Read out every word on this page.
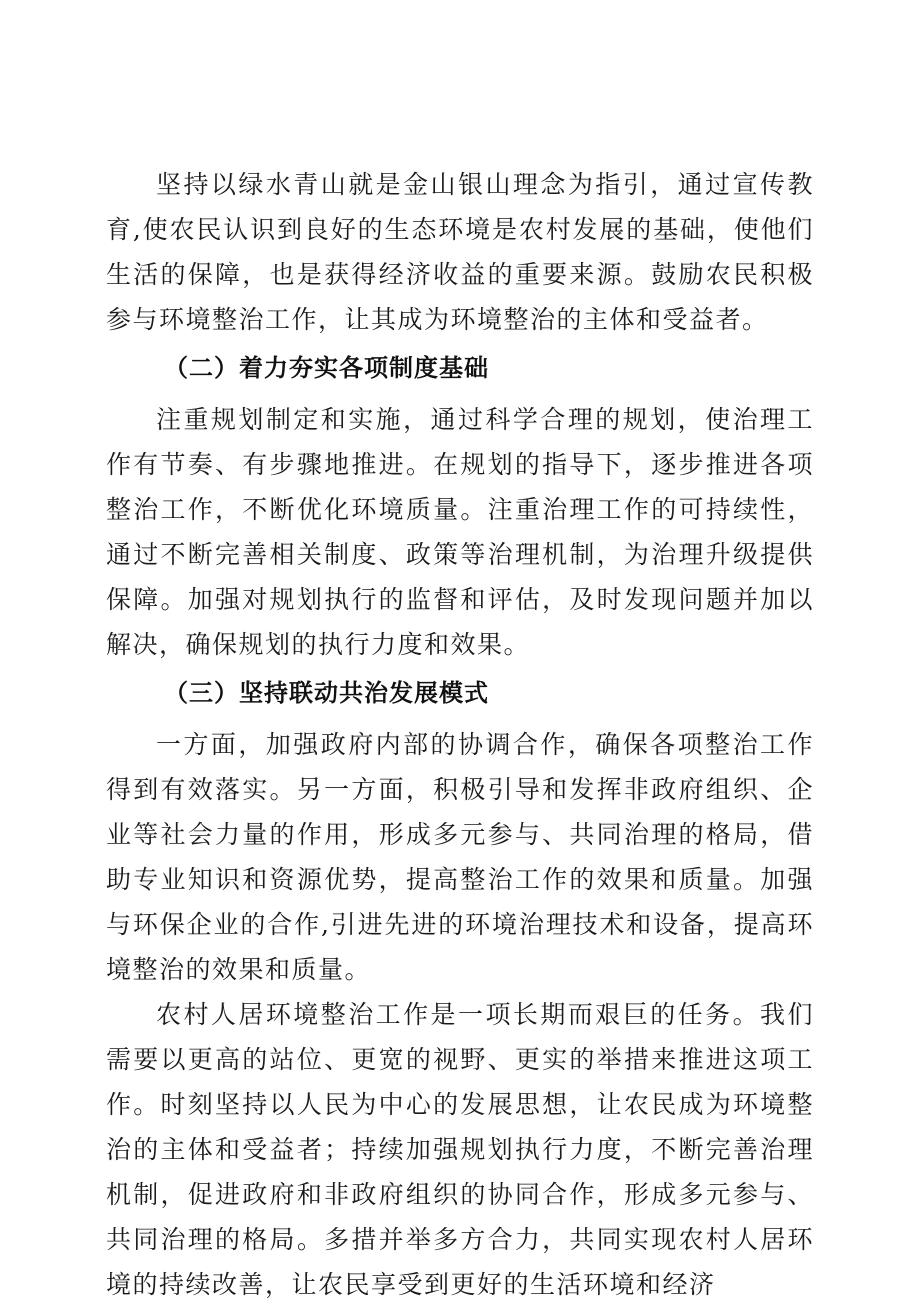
坚持以绿水青山就是金山银山理念为指引，通过宣传教育,使农民认识到良好的生态环境是农村发展的基础，使他们生活的保障，也是获得经济收益的重要来源。鼓励农民积极参与环境整治工作，让其成为环境整治的主体和受益者。

（二）着力夯实各项制度基础

注重规划制定和实施，通过科学合理的规划，使治理工作有节奏、有步骤地推进。在规划的指导下，逐步推进各项整治工作，不断优化环境质量。注重治理工作的可持续性，通过不断完善相关制度、政策等治理机制，为治理升级提供保障。加强对规划执行的监督和评估，及时发现问题并加以解决，确保规划的执行力度和效果。

（三）坚持联动共治发展模式

一方面，加强政府内部的协调合作，确保各项整治工作得到有效落实。另一方面，积极引导和发挥非政府组织、企业等社会力量的作用，形成多元参与、共同治理的格局，借助专业知识和资源优势，提高整治工作的效果和质量。加强与环保企业的合作,引进先进的环境治理技术和设备，提高环境整治的效果和质量。

农村人居环境整治工作是一项长期而艰巨的任务。我们需要以更高的站位、更宽的视野、更实的举措来推进这项工作。时刻坚持以人民为中心的发展思想，让农民成为环境整治的主体和受益者；持续加强规划执行力度，不断完善治理机制，促进政府和非政府组织的协同合作，形成多元参与、共同治理的格局。多措并举多方合力，共同实现农村人居环境的持续改善，让农民享受到更好的生活环境和经济
